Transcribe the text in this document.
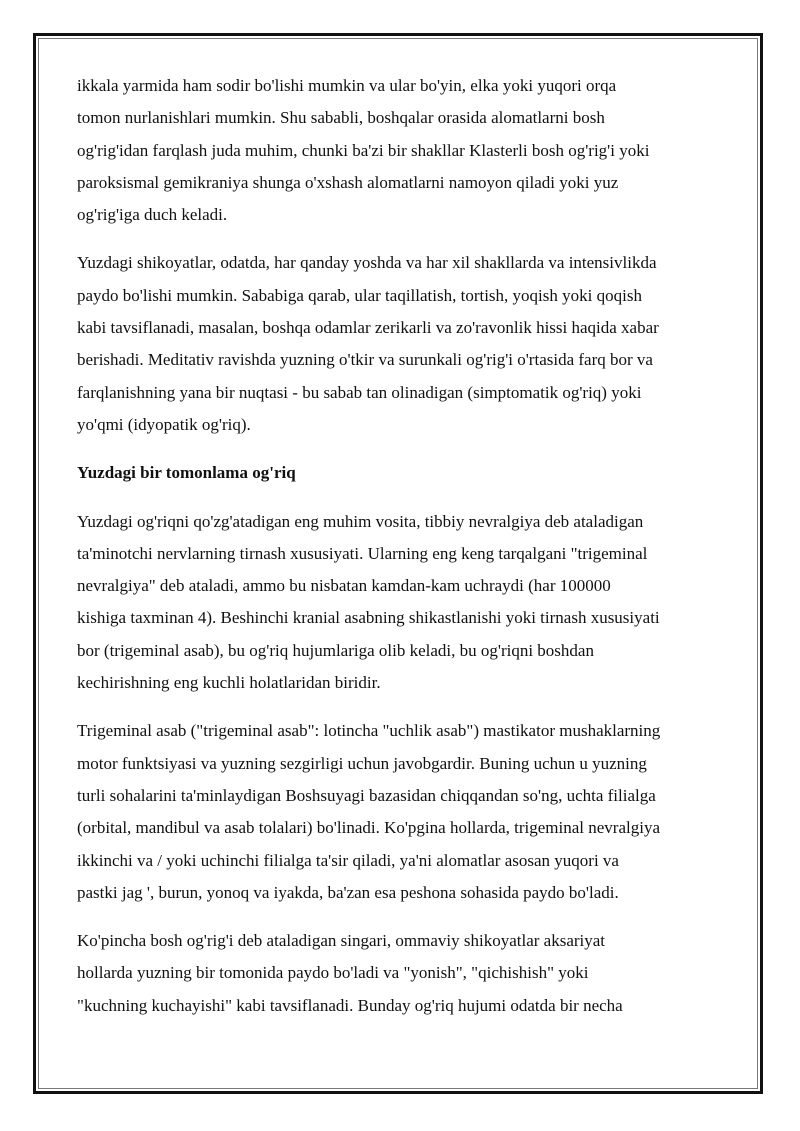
ikkala yarmida ham sodir bo'lishi mumkin va ular bo'yin, elka yoki yuqori orqa
tomon nurlanishlari mumkin. Shu sababli, boshqalar orasida alomatlarni bosh
og'rig'idan farqlash juda muhim, chunki ba'zi bir shakllar Klasterli bosh og'rig'i yoki
paroksismal gemikraniya shunga o'xshash alomatlarni namoyon qiladi yoki yuz
og'rig'iga duch keladi.

Yuzdagi shikoyatlar, odatda, har qanday yoshda va har xil shakllarda va intensivlikda
paydo bo'lishi mumkin. Sababiga qarab, ular taqillatish, tortish, yoqish yoki qoqish
kabi tavsiflanadi, masalan, boshqa odamlar zerikarli va zo'ravonlik hissi haqida xabar
berishadi. Meditativ ravishda yuzning o'tkir va surunkali og'rig'i o'rtasida farq bor va
farqlanishning yana bir nuqtasi - bu sabab tan olinadigan (simptomatik og'riq) yoki
yo'qmi (idyopatik og'riq).

Yuzdagi bir tomonlama og'riq

Yuzdagi og'riqni qo'zg'atadigan eng muhim vosita, tibbiy nevralgiya deb ataladigan
ta'minotchi nervlarning tirnash xususiyati. Ularning eng keng tarqalgani "trigeminal
nevralgiya" deb ataladi, ammo bu nisbatan kamdan-kam uchraydi (har 100000
kishiga taxminan 4). Beshinchi kranial asabning shikastlanishi yoki tirnash xususiyati
bor (trigeminal asab), bu og'riq hujumlariga olib keladi, bu og'riqni boshdan
kechirishning eng kuchli holatlaridan biridir.

Trigeminal asab ("trigeminal asab": lotincha "uchlik asab") mastikator mushaklarning
motor funktsiyasi va yuzning sezgirligi uchun javobgardir. Buning uchun u yuzning
turli sohalarini ta'minlaydigan Boshsuyagi bazasidan chiqqandan so'ng, uchta filialga
(orbital, mandibul va asab tolalari) bo'linadi. Ko'pgina hollarda, trigeminal nevralgiya
ikkinchi va / yoki uchinchi filialga ta'sir qiladi, ya'ni alomatlar asosan yuqori va
pastki jag ', burun, yonoq va iyakda, ba'zan esa peshona sohasida paydo bo'ladi.

Ko'pincha bosh og'rig'i deb ataladigan singari, ommaviy shikoyatlar aksariyat
hollarda yuzning bir tomonida paydo bo'ladi va "yonish", "qichishish" yoki
"kuchning kuchayishi" kabi tavsiflanadi. Bunday og'riq hujumi odatda bir necha
